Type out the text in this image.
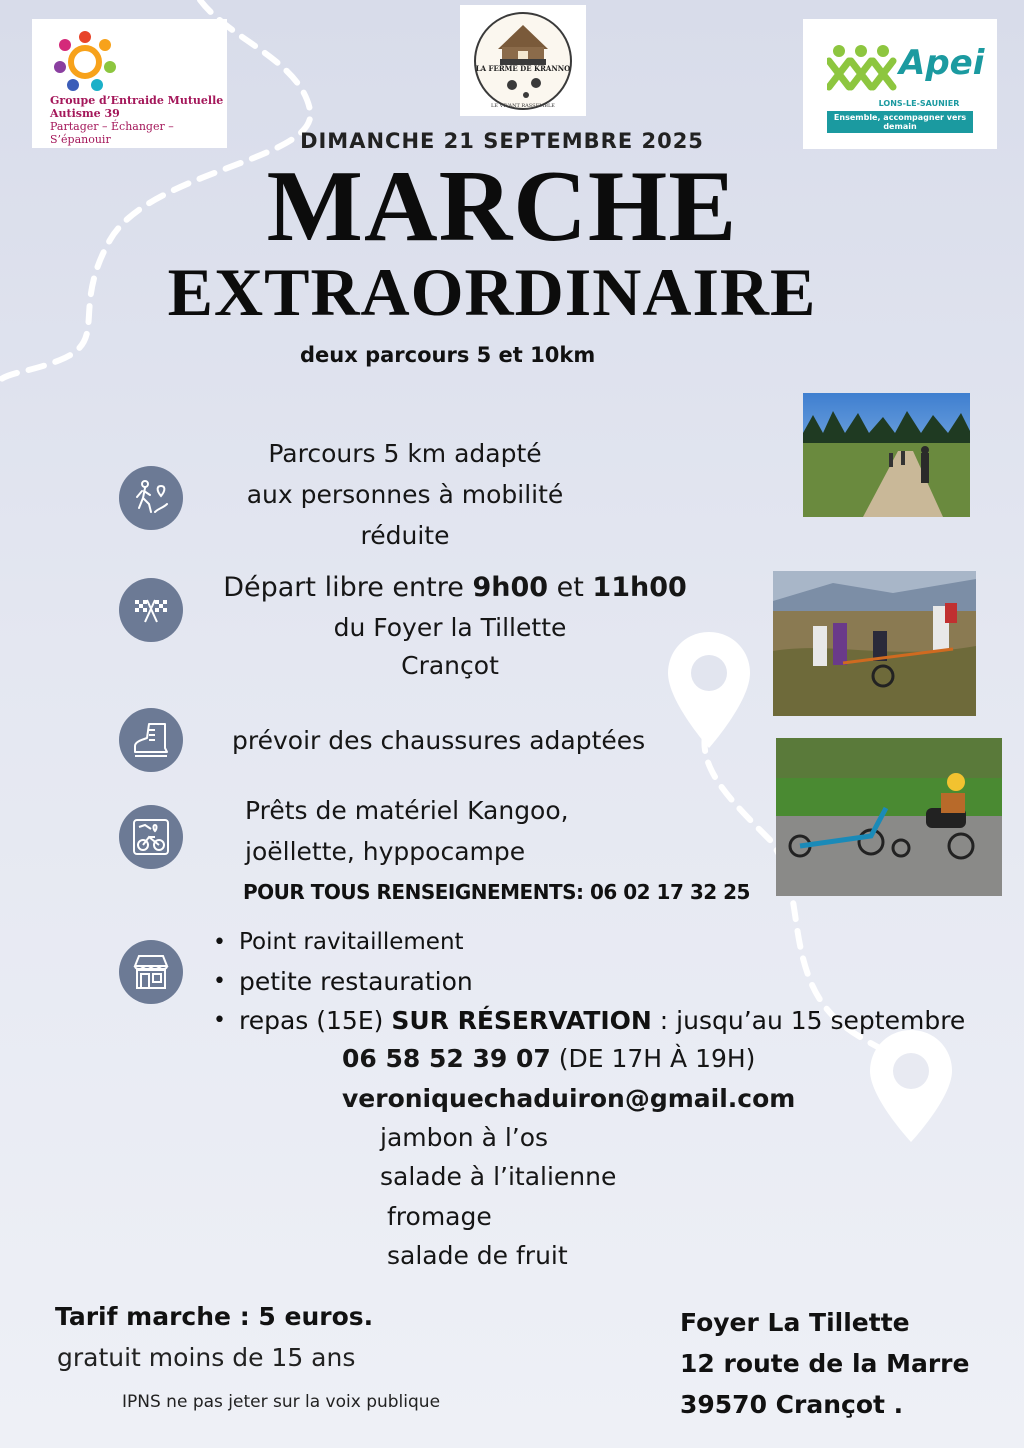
Groupe d’Entraide Mutuelle
Autisme 39
Partager – Échanger – S’épanouir
LA FERME DE KRANNO
LE VIVANT RASSEMBLE
Apei
LONS-LE-SAUNIER
Ensemble, accompagner vers demain
DIMANCHE 21 SEPTEMBRE 2025
MARCHE
EXTRAORDINAIRE
deux parcours 5 et 10km
Parcours 5 km adapté
aux personnes à mobilité
réduite
Départ libre entre 9h00 et 11h00
du Foyer la Tillette
Crançot
prévoir des chaussures adaptées
Prêts de matériel Kangoo,
joëllette, hyppocampe
POUR TOUS RENSEIGNEMENTS: 06 02 17 32 25
• Point ravitaillement
• petite restauration
• repas (15E) SUR RÉSERVATION : jusqu’au 15 septembre
06 58 52 39 07 (DE 17H À 19H)
veroniquechaduiron@gmail.com
jambon à l’os
salade à l’italienne
fromage
salade de fruit
Tarif marche : 5 euros.
gratuit moins de 15 ans
IPNS ne pas jeter sur la voix publique
Foyer La Tillette
12 route de la Marre
39570 Crançot .
